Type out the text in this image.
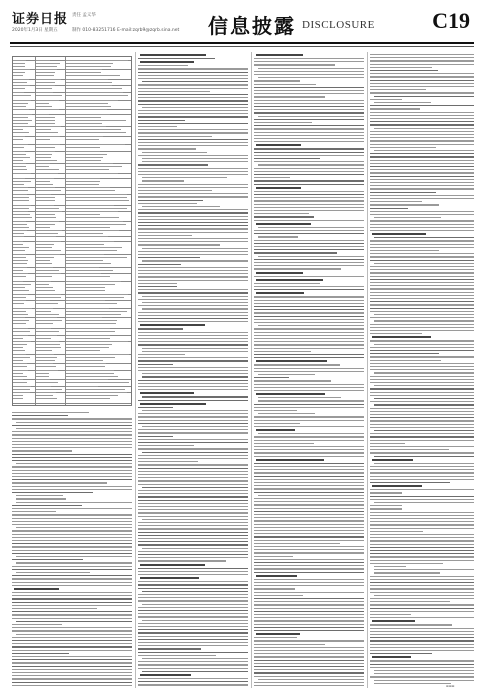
证券日报 责任 孟义华
2020年1月3日 星期五	制作 010-83251716 E-mail:zqrb9@zqrb.sina.net 信息披露 DISCLOSURE	C19
▬▬▬
